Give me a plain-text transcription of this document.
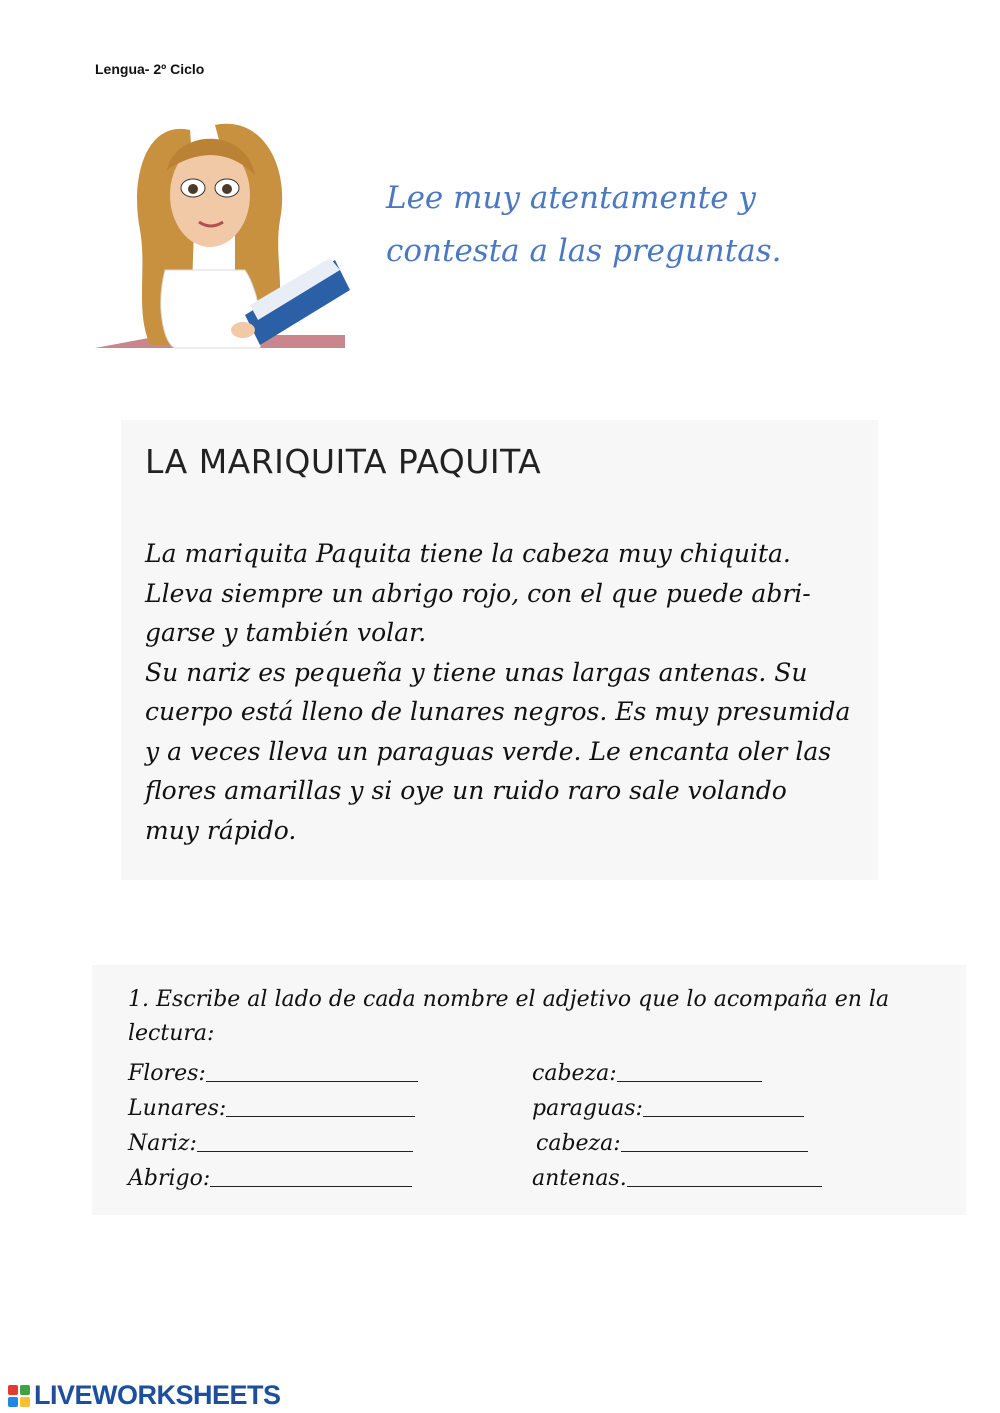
Lengua- 2º Ciclo
Lee muy atentamente y
contesta a las preguntas.
LA MARIQUITA PAQUITA

La mariquita Paquita tiene la cabeza muy chiquita.

Lleva siempre un abrigo rojo, con el que puede abri-

garse y también volar.

Su nariz es pequeña y tiene unas largas antenas. Su

cuerpo está lleno de lunares negros. Es muy presumida

y a veces lleva un paraguas verde. Le encanta oler las

flores amarillas y si oye un ruido raro sale volando

muy rápido.

1. Escribe al lado de cada nombre el adjetivo que lo acompaña en la
lectura:
Flores:	cabeza:
Lunares:	paraguas:
Nariz:	cabeza:
Abrigo:	antenas.
LIVEWORKSHEETS
